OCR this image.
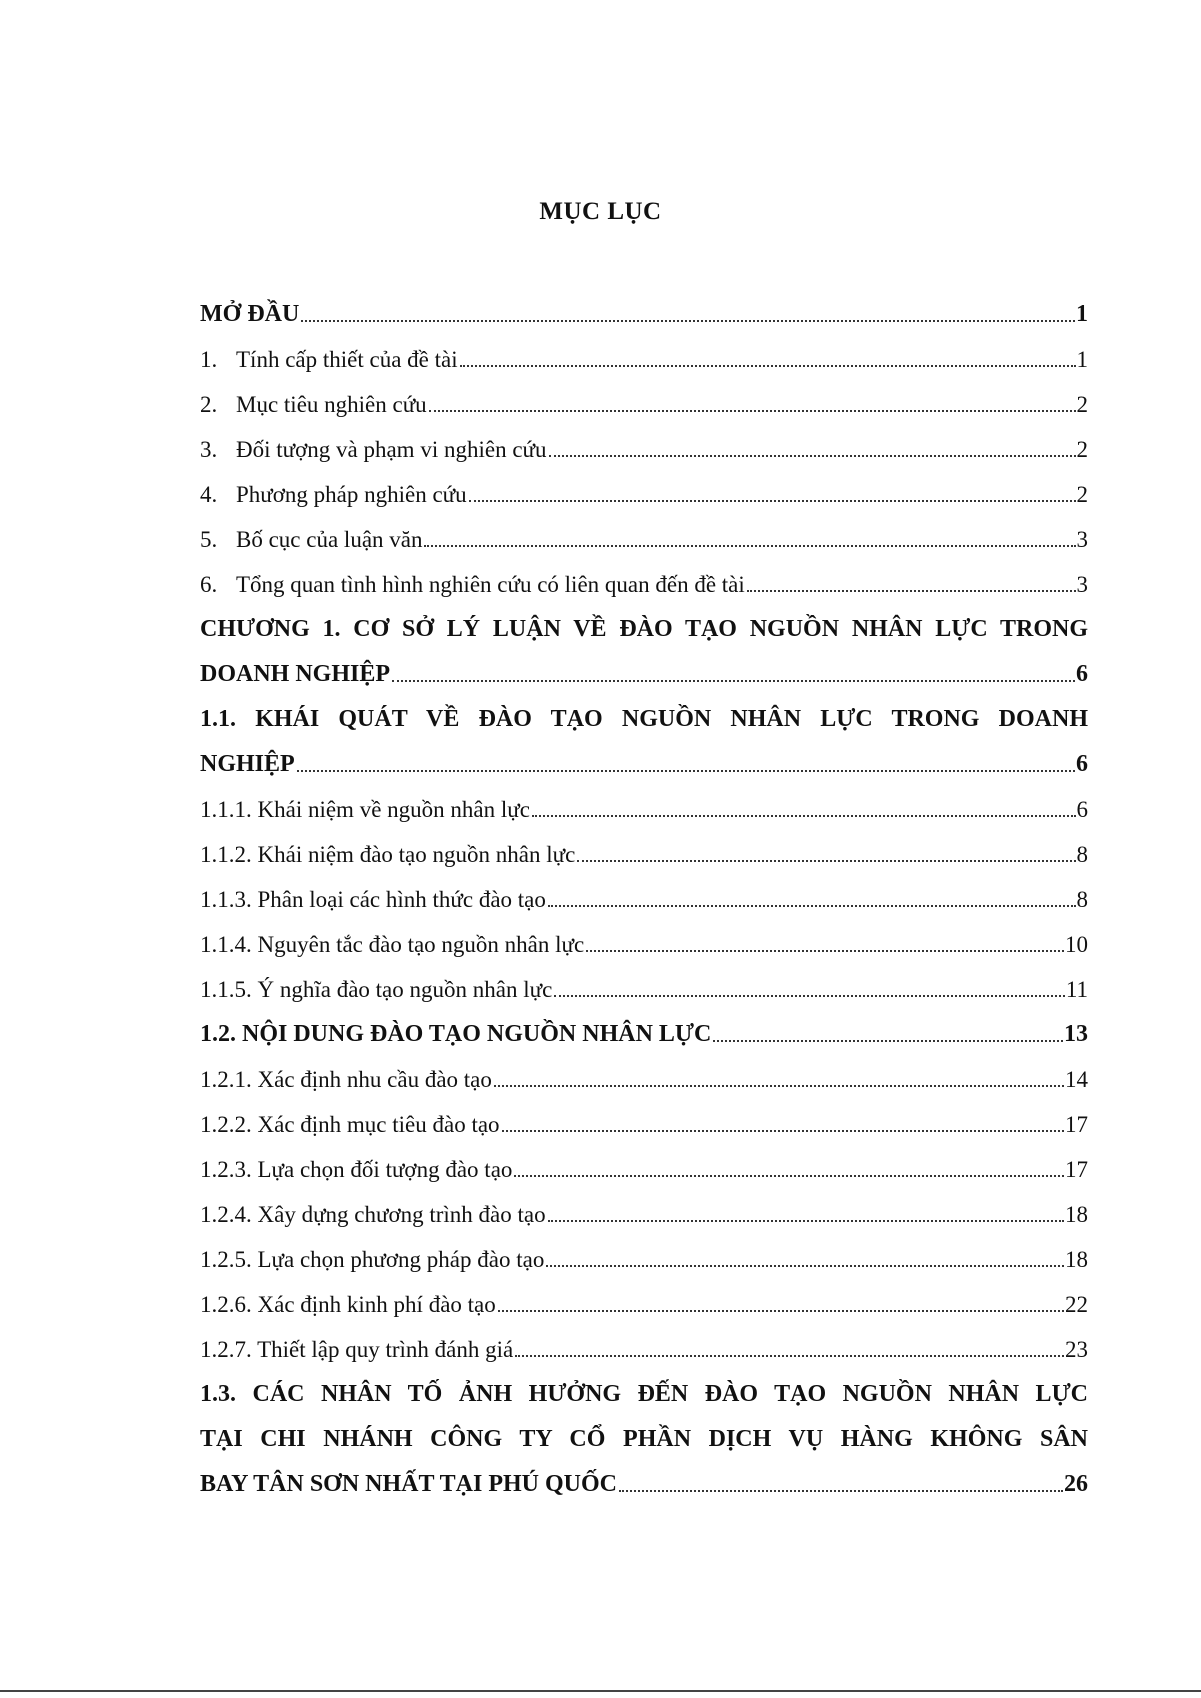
MỤC LỤC
MỞ ĐẦU	1
1. Tính cấp thiết của đề tài	1
2. Mục tiêu nghiên cứu	2
3. Đối tượng và phạm vi nghiên cứu	2
4. Phương pháp nghiên cứu	2
5. Bố cục của luận văn	3
6. Tổng quan tình hình nghiên cứu có liên quan đến đề tài	3
CHƯƠNG 1. CƠ SỞ LÝ LUẬN VỀ ĐÀO TẠO NGUỒN NHÂN LỰC TRONG
DOANH NGHIỆP	6
1.1. KHÁI QUÁT VỀ ĐÀO TẠO NGUỒN NHÂN LỰC TRONG DOANH
NGHIỆP	6
1.1.1. Khái niệm về nguồn nhân lực	6
1.1.2. Khái niệm đào tạo nguồn nhân lực	8
1.1.3. Phân loại các hình thức đào tạo	8
1.1.4. Nguyên tắc đào tạo nguồn nhân lực	10
1.1.5. Ý nghĩa đào tạo nguồn nhân lực	11
1.2. NỘI DUNG ĐÀO TẠO NGUỒN NHÂN LỰC	13
1.2.1. Xác định nhu cầu đào tạo	14
1.2.2. Xác định mục tiêu đào tạo	17
1.2.3. Lựa chọn đối tượng đào tạo	17
1.2.4. Xây dựng chương trình đào tạo	18
1.2.5. Lựa chọn phương pháp đào tạo	18
1.2.6. Xác định kinh phí đào tạo	22
1.2.7. Thiết lập quy trình đánh giá	23
1.3. CÁC NHÂN TỐ ẢNH HƯỞNG ĐẾN ĐÀO TẠO NGUỒN NHÂN LỰC
TẠI CHI NHÁNH CÔNG TY CỔ PHẦN DỊCH VỤ HÀNG KHÔNG SÂN
BAY TÂN SƠN NHẤT TẠI PHÚ QUỐC	26
